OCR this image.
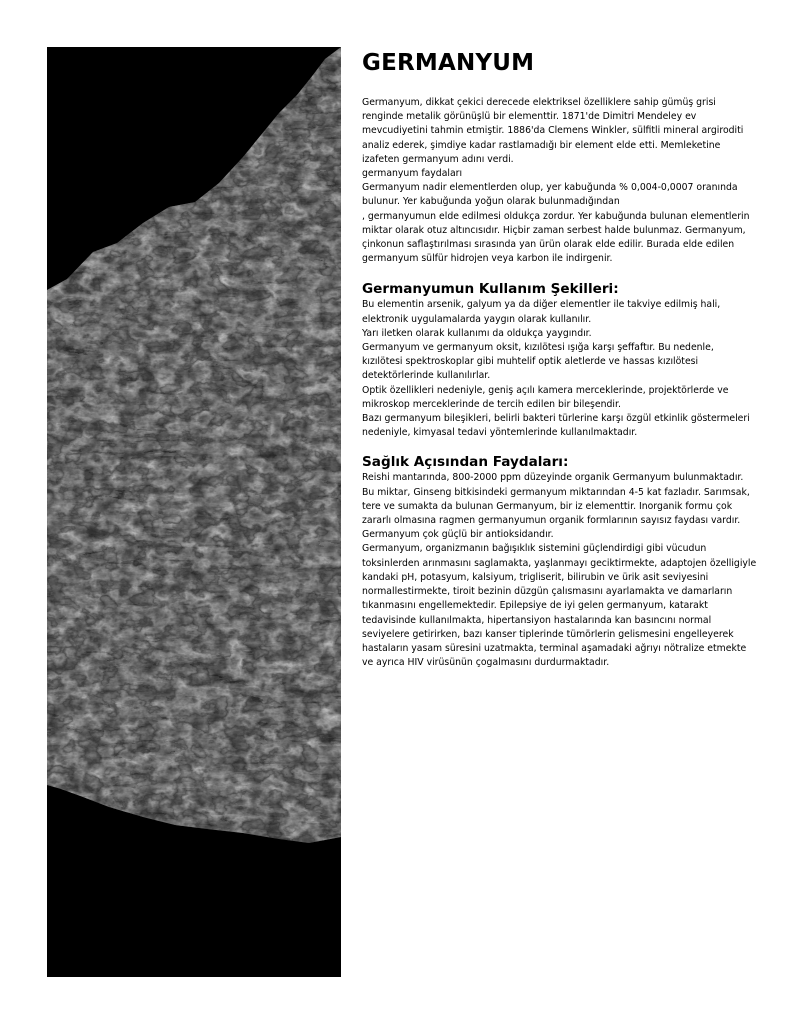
GERMANYUM

Germanyum, dikkat çekici derecede elektriksel özelliklere sahip gümüş grisi renginde metalik görünüşlü bir elementtir. 1871'de Dimitri Mendeley ev mevcudiyetini tahmin etmiştir. 1886'da Clemens Winkler, sülfitli mineral argiroditi analiz ederek, şimdiye kadar rastlamadığı bir element elde etti. Memleketine izafeten germanyum adını verdi.

germanyum faydaları

Germanyum nadir elementlerden olup, yer kabuğunda % 0,004-0,0007 oranında bulunur. Yer kabuğunda yoğun olarak bulunmadığından

, germanyumun elde edilmesi oldukça zordur. Yer kabuğunda bulunan elementlerin miktar olarak otuz altıncısıdır. Hiçbir zaman serbest halde bulunmaz. Germanyum, çinkonun saflaştırılması sırasında yan ürün olarak elde edilir. Burada elde edilen germanyum sülfür hidrojen veya karbon ile indirgenir.

Germanyumun Kullanım Şekilleri:

Bu elementin arsenik, galyum ya da diğer elementler ile takviye edilmiş hali, elektronik uygulamalarda yaygın olarak kullanılır.

Yarı iletken olarak kullanımı da oldukça yaygındır.

Germanyum ve germanyum oksit, kızılötesi ışığa karşı şeffaftır. Bu nedenle, kızılötesi spektroskoplar gibi muhtelif optik aletlerde ve hassas kızılötesi detektörlerinde kullanılırlar.

Optik özellikleri nedeniyle, geniş açılı kamera merceklerinde, projektörlerde ve mikroskop merceklerinde de tercih edilen bir bileşendir.

Bazı germanyum bileşikleri, belirli bakteri türlerine karşı özgül etkinlik göstermeleri nedeniyle, kimyasal tedavi yöntemlerinde kullanılmaktadır.

Sağlık Açısından Faydaları:

Reishi mantarında, 800-2000 ppm düzeyinde organik Germanyum bulunmaktadır. Bu miktar, Ginseng bitkisindeki germanyum miktarından 4-5 kat fazladır. Sarımsak, tere ve sumakta da bulunan Germanyum, bir iz elementtir. Inorganik formu çok zararlı olmasına ragmen germanyumun organik formlarının sayısız faydası vardır.

Germanyum çok güçlü bir antioksidandır.

Germanyum, organizmanın bağışıklık sistemini güçlendirdigi gibi vücudun toksinlerden arınmasını saglamakta, yaşlanmayı geciktirmekte, adaptojen özelligiyle kandaki pH, potasyum, kalsiyum, trigliserit, bilirubin ve ürik asit seviyesini normallestirmekte, tiroit bezinin düzgün çalısmasını ayarlamakta ve damarların tıkanmasını engellemektedir. Epilepsiye de iyi gelen germanyum, katarakt tedavisinde kullanılmakta, hipertansiyon hastalarında kan basıncını normal seviyelere getirirken, bazı kanser tiplerinde tümörlerin gelismesini engelleyerek hastaların yasam süresini uzatmakta, terminal aşamadaki ağrıyı nötralize etmekte ve ayrıca HIV virüsünün çogalmasını durdurmaktadır.
